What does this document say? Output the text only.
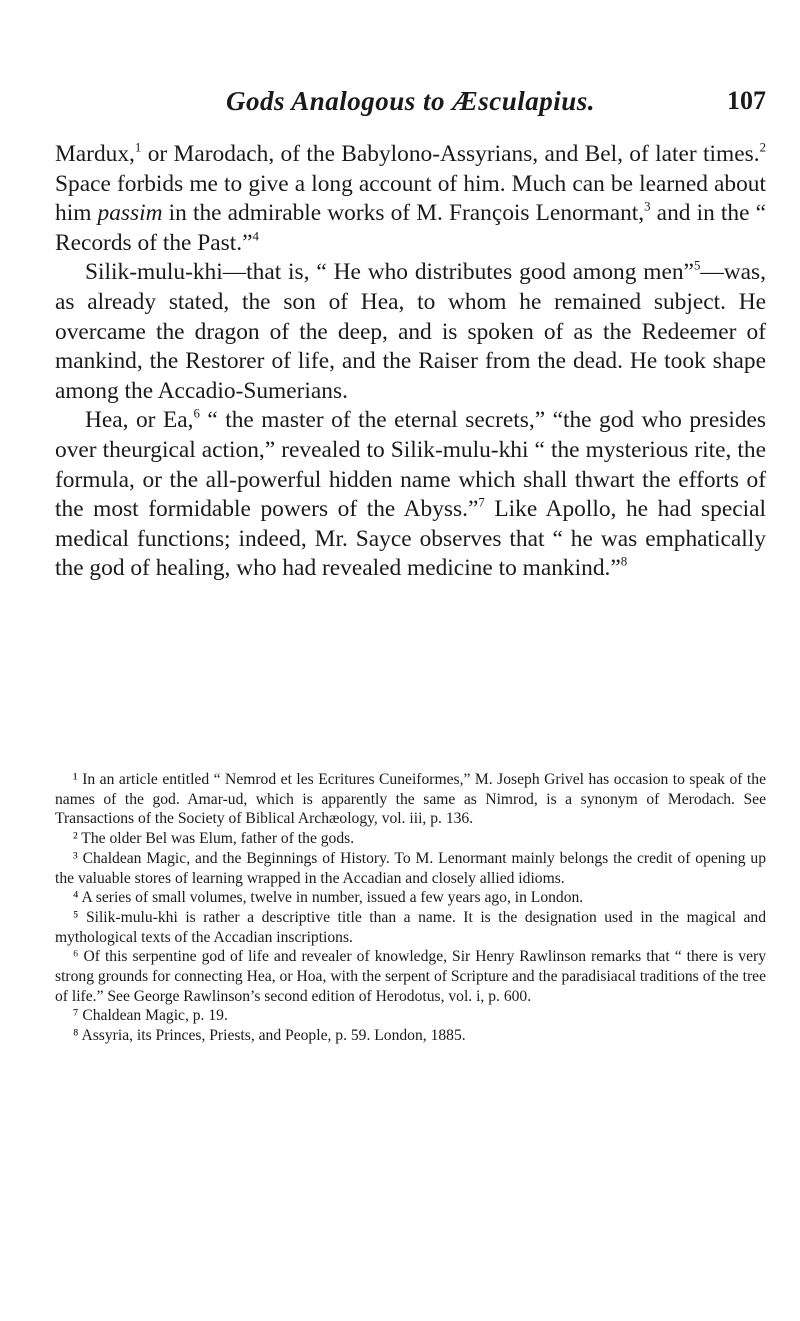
Gods Analogous to Æsculapius.	107

Mardux,$^1$ or Marodach, of the Babylono-Assyrians, and Bel, of later times.$^2$ Space forbids me to give a long account of him. Much can be learned about him passim in the admirable works of M. François Lenormant,$^3$ and in the “ Records of the Past.”$^4$

Silik-mulu-khi—that is, “ He who distributes good among men”$^5$—was, as already stated, the son of Hea, to whom he remained subject. He overcame the dragon of the deep, and is spoken of as the Redeemer of mankind, the Restorer of life, and the Raiser from the dead. He took shape among the Accadio-Sumerians.

Hea, or Ea,$^6$ “ the master of the eternal secrets,” “the god who presides over theurgical action,” revealed to Silik-mulu-khi “ the mysterious rite, the formula, or the all-powerful hidden name which shall thwart the efforts of the most formidable powers of the Abyss.”$^7$ Like Apollo, he had special medical functions; indeed, Mr. Sayce observes that “ he was emphatically the god of healing, who had revealed medicine to mankind.”$^8$

¹ In an article entitled “ Nemrod et les Ecritures Cuneiformes,” M. Joseph Grivel has occasion to speak of the names of the god. Amar-ud, which is apparently the same as Nimrod, is a synonym of Merodach. See Transactions of the Society of Biblical Archæology, vol. iii, p. 136.

² The older Bel was Elum, father of the gods.

³ Chaldean Magic, and the Beginnings of History. To M. Lenormant mainly belongs the credit of opening up the valuable stores of learning wrapped in the Accadian and closely allied idioms.

⁴ A series of small volumes, twelve in number, issued a few years ago, in London.

⁵ Silik-mulu-khi is rather a descriptive title than a name. It is the designation used in the magical and mythological texts of the Accadian inscriptions.

⁶ Of this serpentine god of life and revealer of knowledge, Sir Henry Rawlinson remarks that “ there is very strong grounds for connecting Hea, or Hoa, with the serpent of Scripture and the paradisiacal traditions of the tree of life.” See George Rawlinson’s second edition of Herodotus, vol. i, p. 600.

⁷ Chaldean Magic, p. 19.

⁸ Assyria, its Princes, Priests, and People, p. 59. London, 1885.
